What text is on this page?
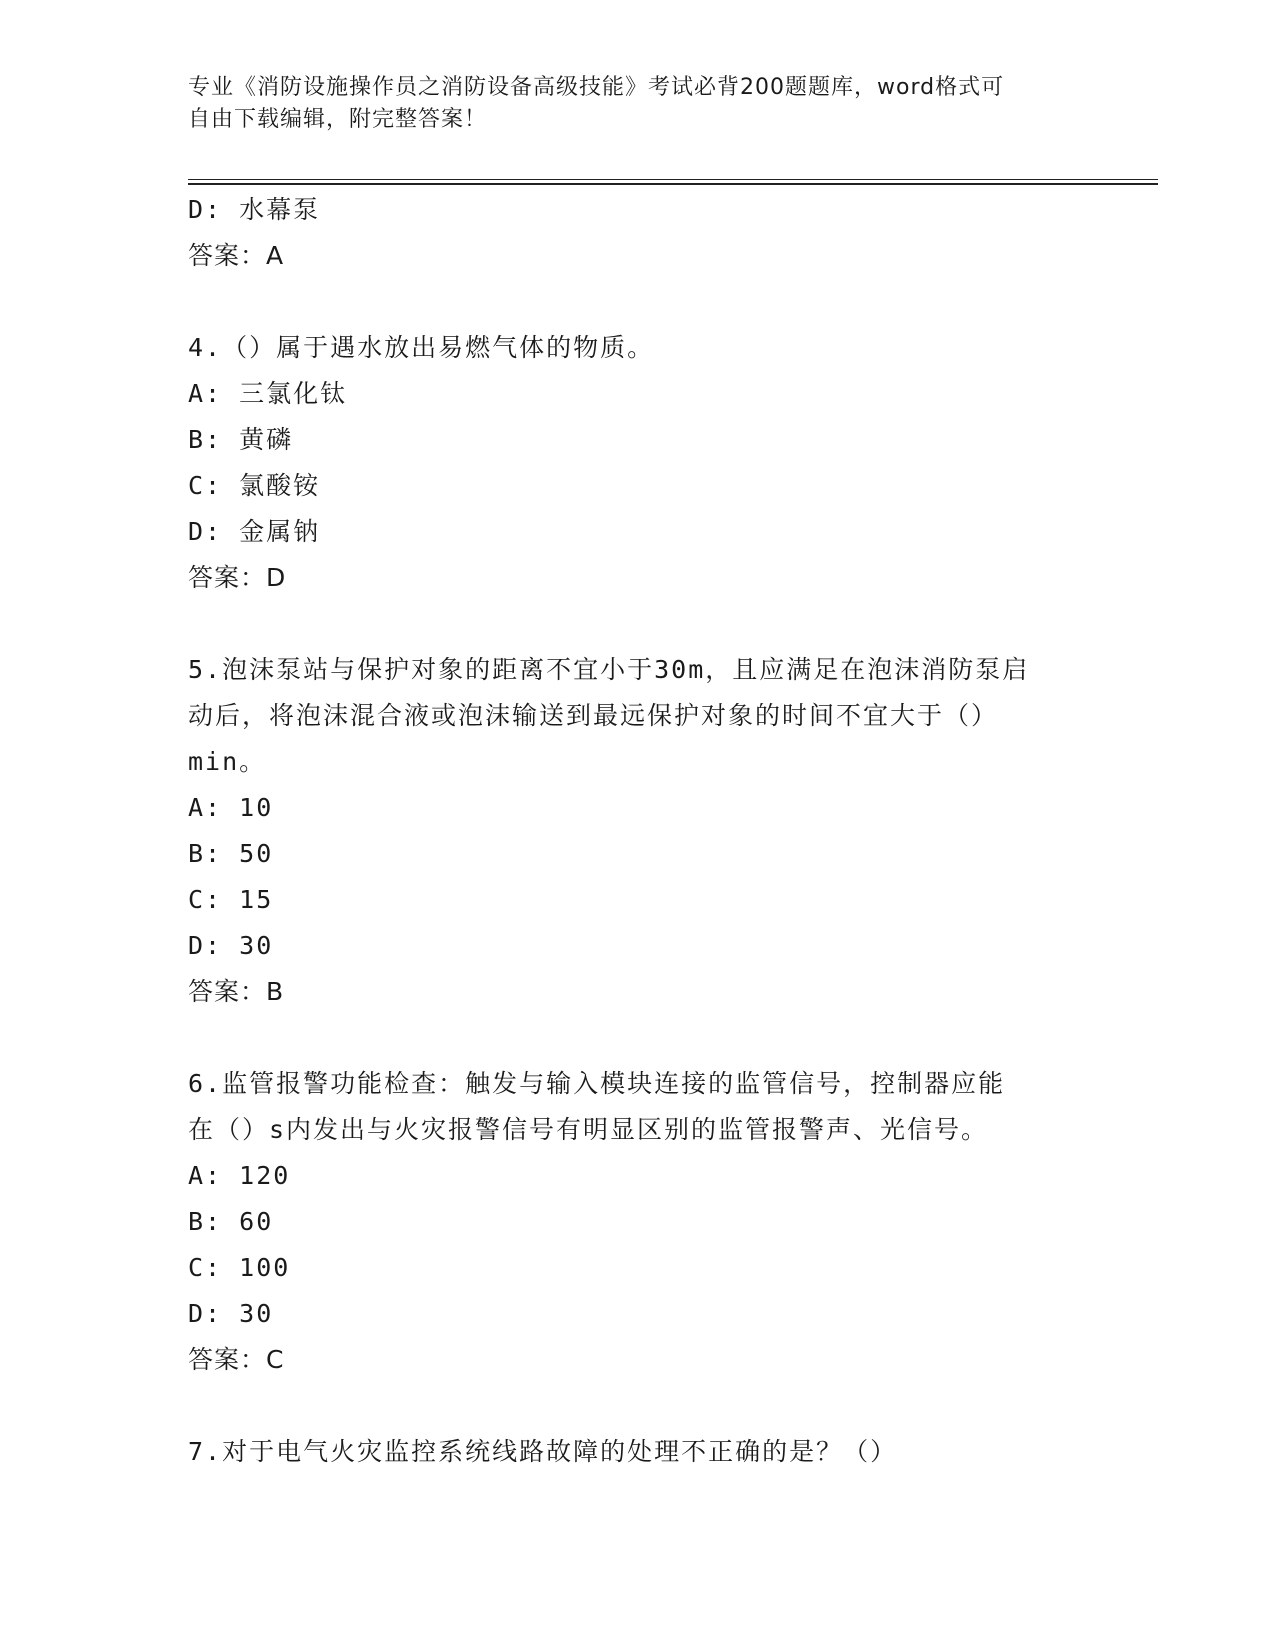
专业《消防设施操作员之消防设备高级技能》考试必背200题题库，word格式可
自由下载编辑，附完整答案！
D: 水幕泵
答案：A
4.（）属于遇水放出易燃气体的物质。
A: 三氯化钛
B: 黄磷
C: 氯酸铵
D: 金属钠
答案：D
5.泡沫泵站与保护对象的距离不宜小于30m，且应满足在泡沫消防泵启
动后，将泡沫混合液或泡沫输送到最远保护对象的时间不宜大于（）
min。
A: 10
B: 50
C: 15
D: 30
答案：B
6.监管报警功能检查：触发与输入模块连接的监管信号，控制器应能
在（）s内发出与火灾报警信号有明显区别的监管报警声、光信号。
A: 120
B: 60
C: 100
D: 30
答案：C
7.对于电气火灾监控系统线路故障的处理不正确的是？（）
